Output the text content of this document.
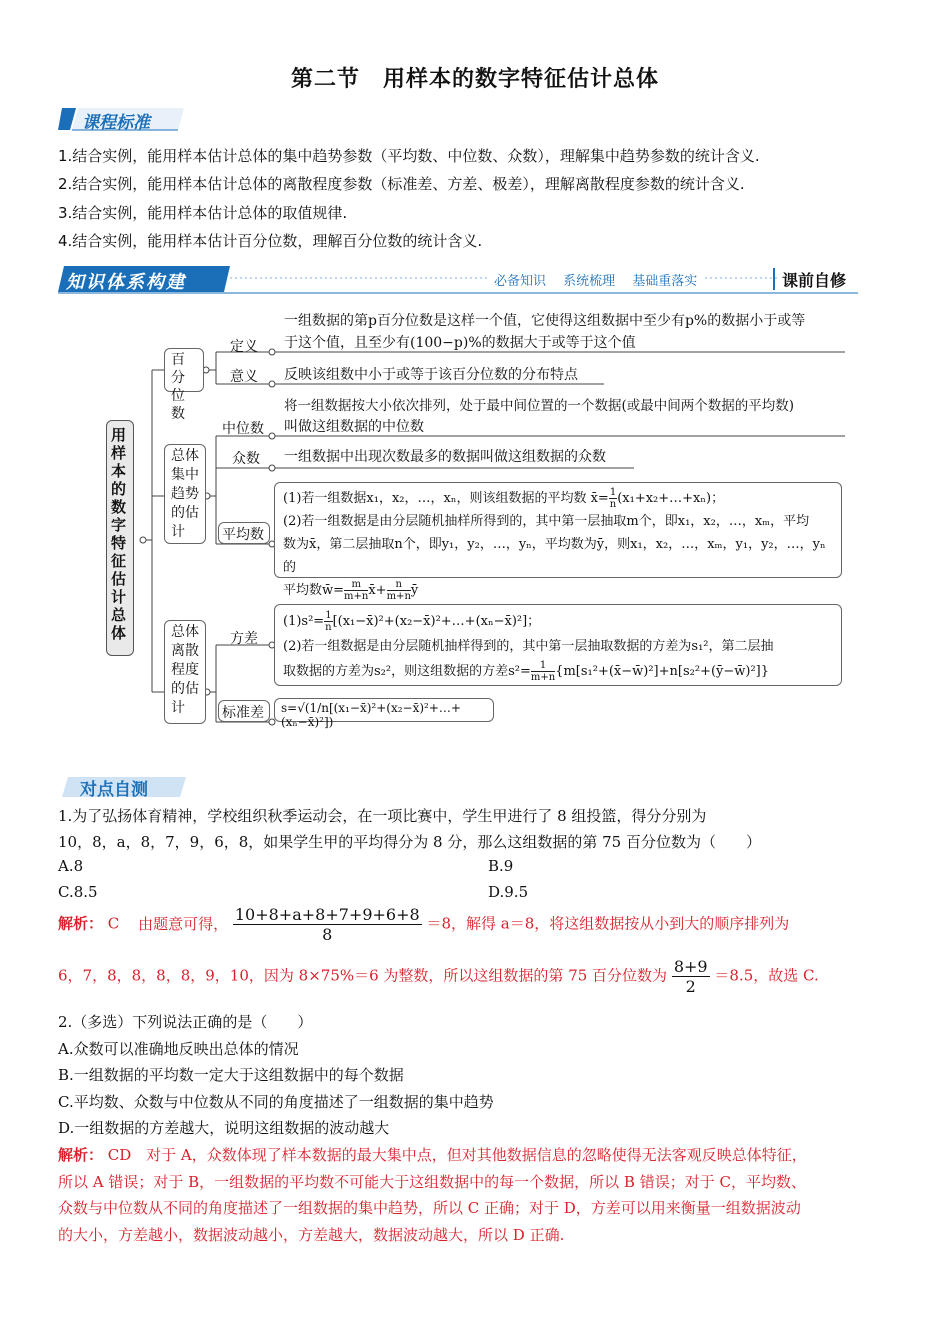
第二节　用样本的数字特征估计总体
课程标准
1.结合实例，能用样本估计总体的集中趋势参数（平均数、中位数、众数），理解集中趋势参数的统计含义.
2.结合实例，能用样本估计总体的离散程度参数（标准差、方差、极差），理解离散程度参数的统计含义.
3.结合实例，能用样本估计总体的取值规律.
4.结合实例，能用样本估计百分位数，理解百分位数的统计含义.
知识体系构建	必备知识　 系统梳理　 基础重落实	课前自修
用样本的数字特征估计总体
百分位数
定义
一组数据的第p百分位数是这样一个值，它使得这组数据中至少有p%的数据小于或等
于这个值，且至少有(100−p)%的数据大于或等于这个值
意义 反映该组数中小于或等于该百分位数的分布特点
总体集中趋势的估计
中位数
将一组数据按大小依次排列，处于最中间位置的一个数据(或最中间两个数据的平均数)
叫做这组数据的中位数
众数 一组数据中出现次数最多的数据叫做这组数据的众数
平均数
(1)若一组数据x₁，x₂，…，xₙ，则该组数据的平均数 x̄= $\frac{1}{n}(x_1+x_2+\dots+x_n)$；
(2)若一组数据是由分层随机抽样所得到的，其中第一层抽取m个，即x₁，x₂，…，xₘ，平均
数为x̄，第二层抽取n个，即y₁，y₂，…，yₙ，平均数为ȳ，则x₁，x₂，…，xₘ，y₁，y₂，…，yₙ的
平均数w̄= $\frac{m}{m+n}x̄+$ $\frac{n}{m+n}ȳ$
总体离散程度的估计
方差
$(1)s^2= \frac{1}{n}[(x_1-x̄)^2+(x_2-x̄)^2+\dots+(x_n-x̄)^2]$；
(2)若一组数据是由分层随机抽样得到的，其中第一层抽取数据的方差为s₁²，第二层抽
取数据的方差为s₂²，则这组数据的方差$s^2= \frac{1}{m+n}\{m[s_1^2+(x̄-w̄)^2]+n[s_2^2+(ȳ-w̄)^2]\}$
标准差	s=√(1/n[(x₁−x̄)²+(x₂−x̄)²+…+(xₙ−x̄)²])
对点自测
1.为了弘扬体育精神，学校组织秋季运动会，在一项比赛中，学生甲进行了 8 组投篮，得分分别为
10，8，a，8，7，9，6，8，如果学生甲的平均得分为 8 分，那么这组数据的第 75 百分位数为（　　）
A.8	B.9
C.8.5	D.9.5
解析： C 由题意可得， $\frac{10+8+a+8+7+9+6+8}{8} =8$，解得 a＝8，将这组数据按从小到大的顺序排列为
6，7，8，8，8，8，9，10，因为 8×75%＝6 为整数，所以这组数据的第 75 百分位数为 $\frac{8+9}{2} =8.5$，故选 C.
2.（多选）下列说法正确的是（　　）
A.众数可以准确地反映出总体的情况
B.一组数据的平均数一定大于这组数据中的每个数据
C.平均数、众数与中位数从不同的角度描述了一组数据的集中趋势
D.一组数据的方差越大，说明这组数据的波动越大
解析： CD 对于 A，众数体现了样本数据的最大集中点，但对其他数据信息的忽略使得无法客观反映总体特征，
所以 A 错误；对于 B，一组数据的平均数不可能大于这组数据中的每一个数据，所以 B 错误；对于 C，平均数、
众数与中位数从不同的角度描述了一组数据的集中趋势，所以 C 正确；对于 D，方差可以用来衡量一组数据波动
的大小，方差越小，数据波动越小，方差越大，数据波动越大，所以 D 正确.
